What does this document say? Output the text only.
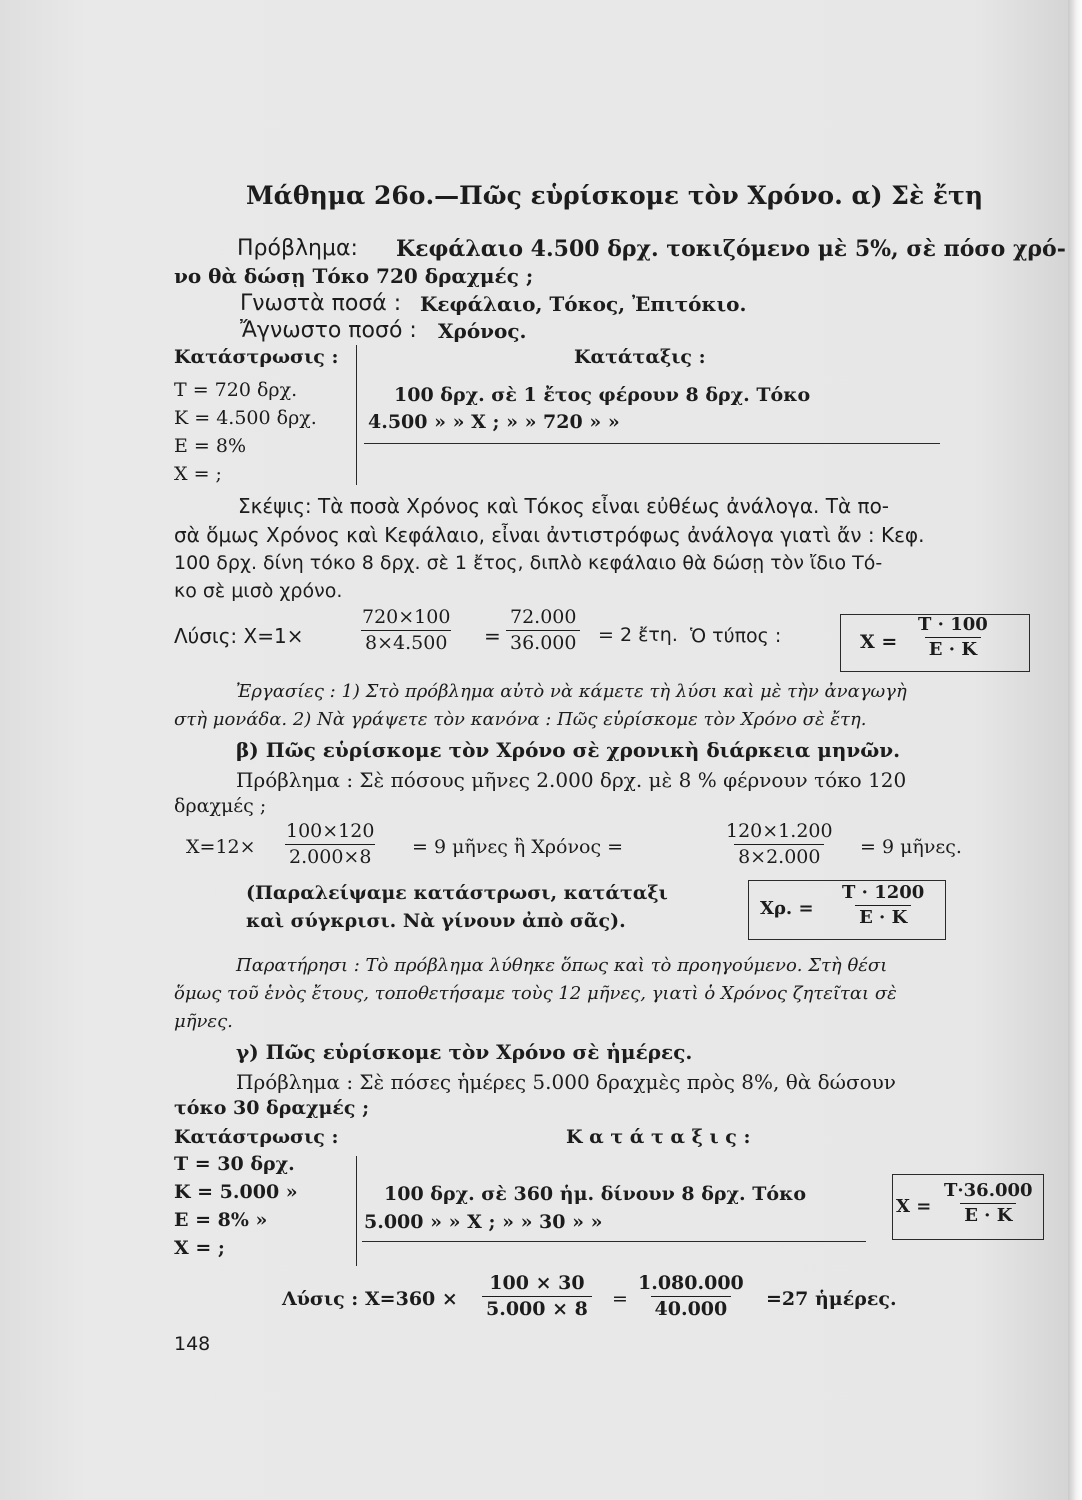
Μάθημα 26ο.—Πῶς εὑρίσκομε τὸν Χρόνο. α) Σὲ ἔτη
Πρόβλημα: Κεφάλαιο 4.500 δρχ. τοκιζόμενο μὲ 5%, σὲ πόσο χρό-
νο θὰ δώσῃ Τόκο 720 δραχμές ;
Γνωστὰ ποσά : Κεφάλαιο, Τόκος, Ἐπιτόκιο.
Ἄγνωστο ποσό : Χρόνος.
Κατάστρωσις :	Κατάταξις :
Τ = 720 δρχ.
Κ = 4.500 δρχ.
Ε = 8%
Χ = ;
100 δρχ. σὲ 1 ἔτος φέρουν 8 δρχ. Τόκο
4.500 » » Χ ; » » 720 » »
Σκέψις: Τὰ ποσὰ Χρόνος καὶ Τόκος εἶναι εὐθέως ἀνάλογα. Τὰ πο-
σὰ ὅμως Χρόνος καὶ Κεφάλαιο, εἶναι ἀντιστρόφως ἀνάλογα γιατὶ ἄν : Κεφ.
100 δρχ. δίνη τόκο 8 δρχ. σὲ 1 ἔτος, διπλὸ κεφάλαιο θὰ δώσῃ τὸν ἴδιο Τό-
κο σὲ μισὸ χρόνο.
Λύσις: Χ=1×	$\frac{720\times 100}{8\times 4.500} = \frac{72.000}{36.000} = 2$ ἔτη. Ὁ τύπος :	$X = \frac{T \cdot 100}{E \cdot K}$
Ἐργασίες : 1) Στὸ πρόβλημα αὐτὸ νὰ κάμετε τὴ λύσι καὶ μὲ τὴν ἀναγωγὴ
στὴ μονάδα. 2) Νὰ γράψετε τὸν κανόνα : Πῶς εὑρίσκομε τὸν Χρόνο σὲ ἔτη.
β) Πῶς εὑρίσκομε τὸν Χρόνο σὲ χρονικὴ διάρκεια μηνῶν.
Πρόβλημα : Σὲ πόσους μῆνες 2.000 δρχ. μὲ 8 % φέρνουν τόκο 120
δραχμές ;
$X=12\times \frac{100\times 120}{2.000\times 8} = 9$ μῆνες ἢ Χρόνος =	$\frac{120\times 1.200}{8\times 2.000} = 9$ μῆνες.
(Παραλείψαμε κατάστρωσι, κατάταξι
καὶ σύγκρισι. Νὰ γίνουν ἀπὸ σᾶς).
Χρ. = $\frac{T \cdot 1200}{E \cdot K}$
Παρατήρησι : Τὸ πρόβλημα λύθηκε ὅπως καὶ τὸ προηγούμενο. Στὴ θέσι
ὅμως τοῦ ἑνὸς ἔτους, τοποθετήσαμε τοὺς 12 μῆνες, γιατὶ ὁ Χρόνος ζητεῖται σὲ
μῆνες.
γ) Πῶς εὑρίσκομε τὸν Χρόνο σὲ ἡμέρες.
Πρόβλημα : Σὲ πόσες ἡμέρες 5.000 δραχμὲς πρὸς 8%, θὰ δώσουν
τόκο 30 δραχμές ;
Κατάστρωσις :	Κ α τ ά τ α ξ ι ς :
Τ = 30 δρχ.
Κ = 5.000 »
Ε = 8% »
Χ = ;
100 δρχ. σὲ 360 ἡμ. δίνουν 8 δρχ. Τόκο
5.000 » » Χ ; » » 30 » »
$X = \frac{T\cdot 36.000}{E \cdot K}$
Λύσις : $X=360 \times \frac{100 \times 30}{5.000 \times 8} = \frac{1.080.000}{40.000} =27$ ἡμέρες.
148
